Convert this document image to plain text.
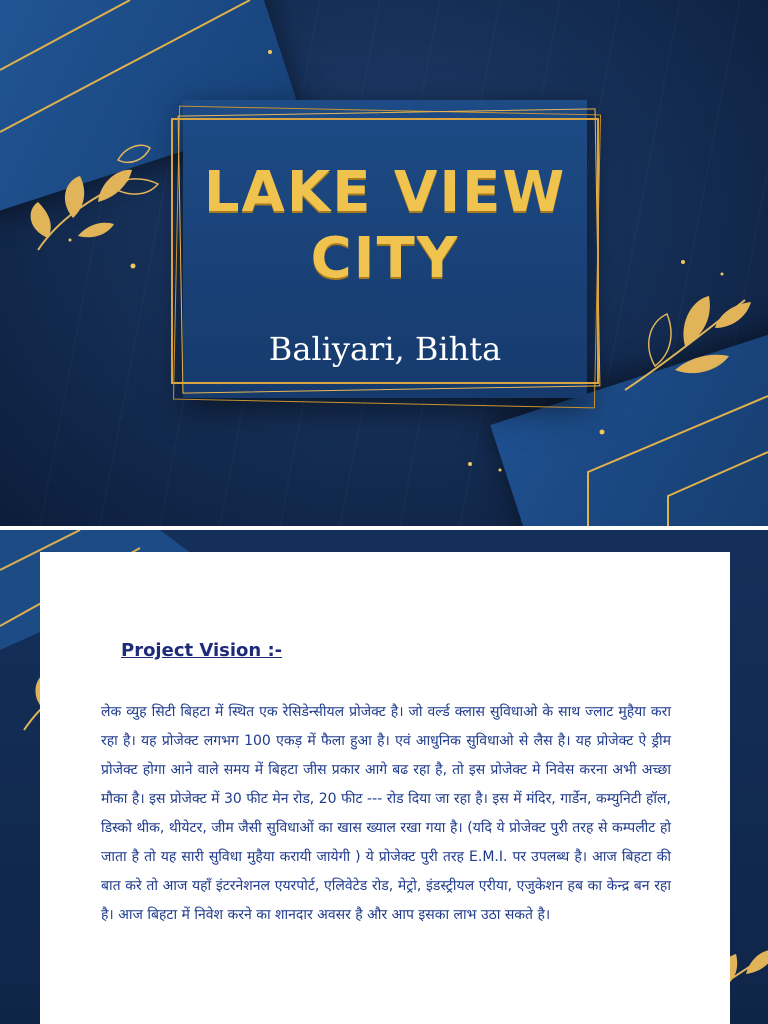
LAKE VIEW
CITY
Baliyari, Bihta
Project Vision :-

लेक व्युह सिटी बिहटा में स्थित एक रेसिडेन्सीयल प्रोजेक्ट है। जो वर्ल्ड क्लास सुविधाओ के साथ ज्लाट मुहैया करा रहा है। यह प्रोजेक्ट लगभग 100 एकड़ में फैला हुआ है। एवं आधुनिक सुविधाओ से लैस है। यह प्रोजेक्ट ऐ ड्रीम प्रोजेक्ट होगा आने वाले समय में बिहटा जीस प्रकार आगे बढ रहा है, तो इस प्रोजेक्ट मे निवेस करना अभी अच्छा मौका है। इस प्रोजेक्ट में 30 फीट मेन रोड, 20 फीट --- रोड दिया जा रहा है। इस में मंदिर, गार्डेन, कम्युनिटी हॉल, डिस्को थीक, थीयेटर, जीम जैसी सुविधाओं का खास ख्याल रखा गया है। (यदि ये प्रोजेक्ट पुरी तरह से कम्पलीट हो जाता है तो यह सारी सुविधा मुहैया करायी जायेगी ) ये प्रोजेक्ट पुरी तरह E.M.I. पर उपलब्ध है। आज बिहटा की बात करे तो आज यहाँ इंटरनेशनल एयरपोर्ट, एलिवेटेड रोड, मेट्रो, इंडस्ट्रीयल एरीया, एजुकेशन हब का केन्द्र बन रहा है। आज बिहटा में निवेश करने का शानदार अवसर है और आप इसका लाभ उठा सकते है।
